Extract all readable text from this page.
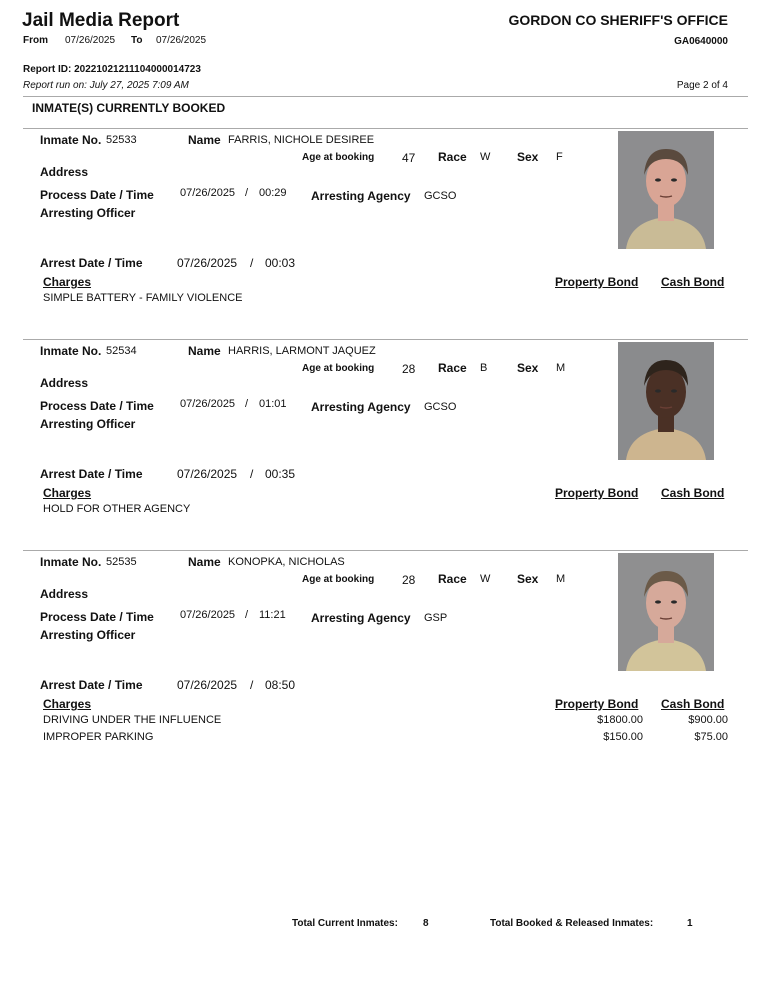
Jail Media Report	GORDON CO SHERIFF'S OFFICE
From 07/26/2025 To 07/26/2025	GA0640000
Report ID: 20221021211104000014723
Report run on: July 27, 2025 7:09 AM	Page 2 of 4
INMATE(S) CURRENTLY BOOKED
Inmate No. 52533	Name FARRIS, NICHOLE DESIREE
Age at booking 47 Race W Sex F
Address
Process Date / Time 07/26/2025 / 00:29 Arresting Agency GCSO
Arresting Officer
Arrest Date / Time	07/26/2025 / 00:03
Charges	Property Bond Cash Bond
SIMPLE BATTERY - FAMILY VIOLENCE
Inmate No. 52534	Name HARRIS, LARMONT JAQUEZ
Age at booking 28 Race B Sex M
Address
Process Date / Time 07/26/2025 / 01:01 Arresting Agency GCSO
Arresting Officer
Arrest Date / Time	07/26/2025 / 00:35
Charges	Property Bond Cash Bond
HOLD FOR OTHER AGENCY
Inmate No. 52535	Name KONOPKA, NICHOLAS
Age at booking 28 Race W Sex M
Address
Process Date / Time 07/26/2025 / 11:21 Arresting Agency GSP
Arresting Officer
Arrest Date / Time	07/26/2025 / 08:50
Charges	Property Bond Cash Bond
DRIVING UNDER THE INFLUENCE	$1800.00	$900.00
IMPROPER PARKING	$150.00	$75.00
Total Current Inmates:	8	Total Booked & Released Inmates:	1
